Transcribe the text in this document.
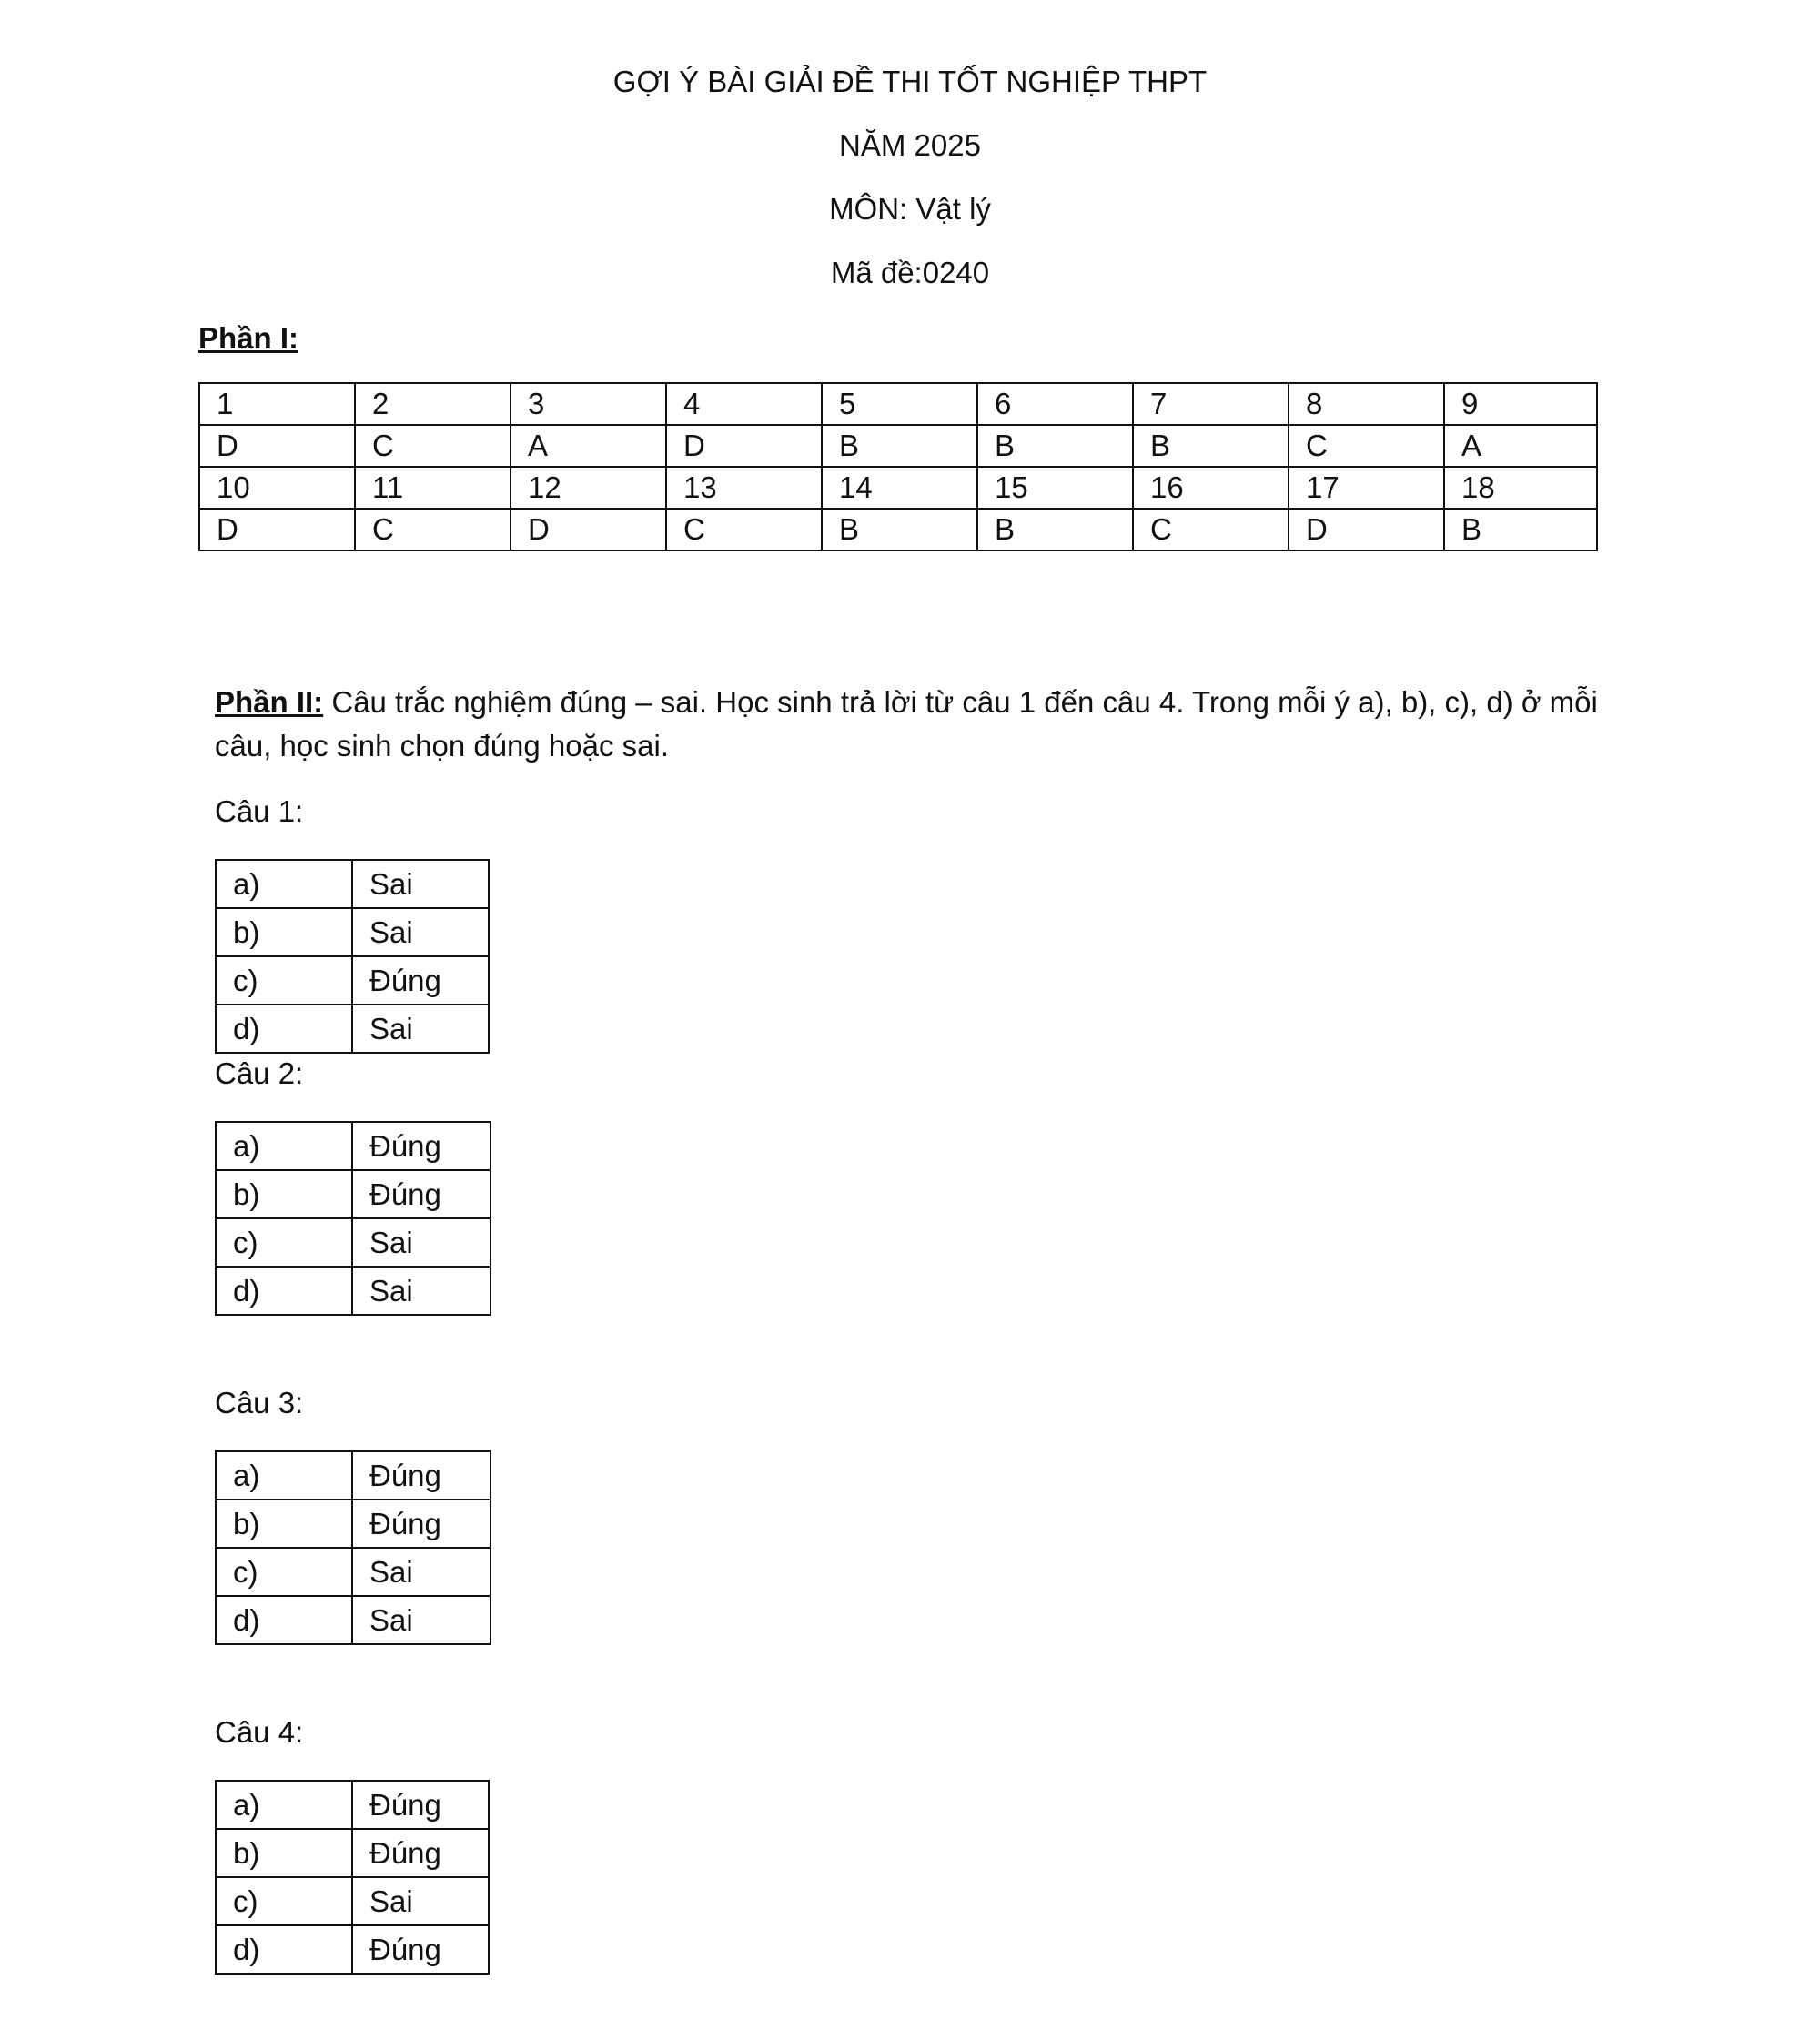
GỢI Ý BÀI GIẢI ĐỀ THI TỐT NGHIỆP THPT
NĂM 2025
MÔN: Vật lý
Mã đề:0240
Phần I:
1	2	3	4	5	6	7	8	9
D	C	A	D	B	B	B	C	A
10	11	12	13	14	15	16	17	18
D	C	D	C	B	B	C	D	B
Phần II: Câu trắc nghiệm đúng – sai. Học sinh trả lời từ câu 1 đến câu 4. Trong mỗi ý a), b), c), d) ở mỗi câu, học sinh chọn đúng hoặc sai.
Câu 1:
a)	Sai
b)	Sai
c)	Đúng
d)	Sai
Câu 2:
a)	Đúng
b)	Đúng
c)	Sai
d)	Sai
Câu 3:
a)	Đúng
b)	Đúng
c)	Sai
d)	Sai
Câu 4:
a)	Đúng
b)	Đúng
c)	Sai
d)	Đúng
